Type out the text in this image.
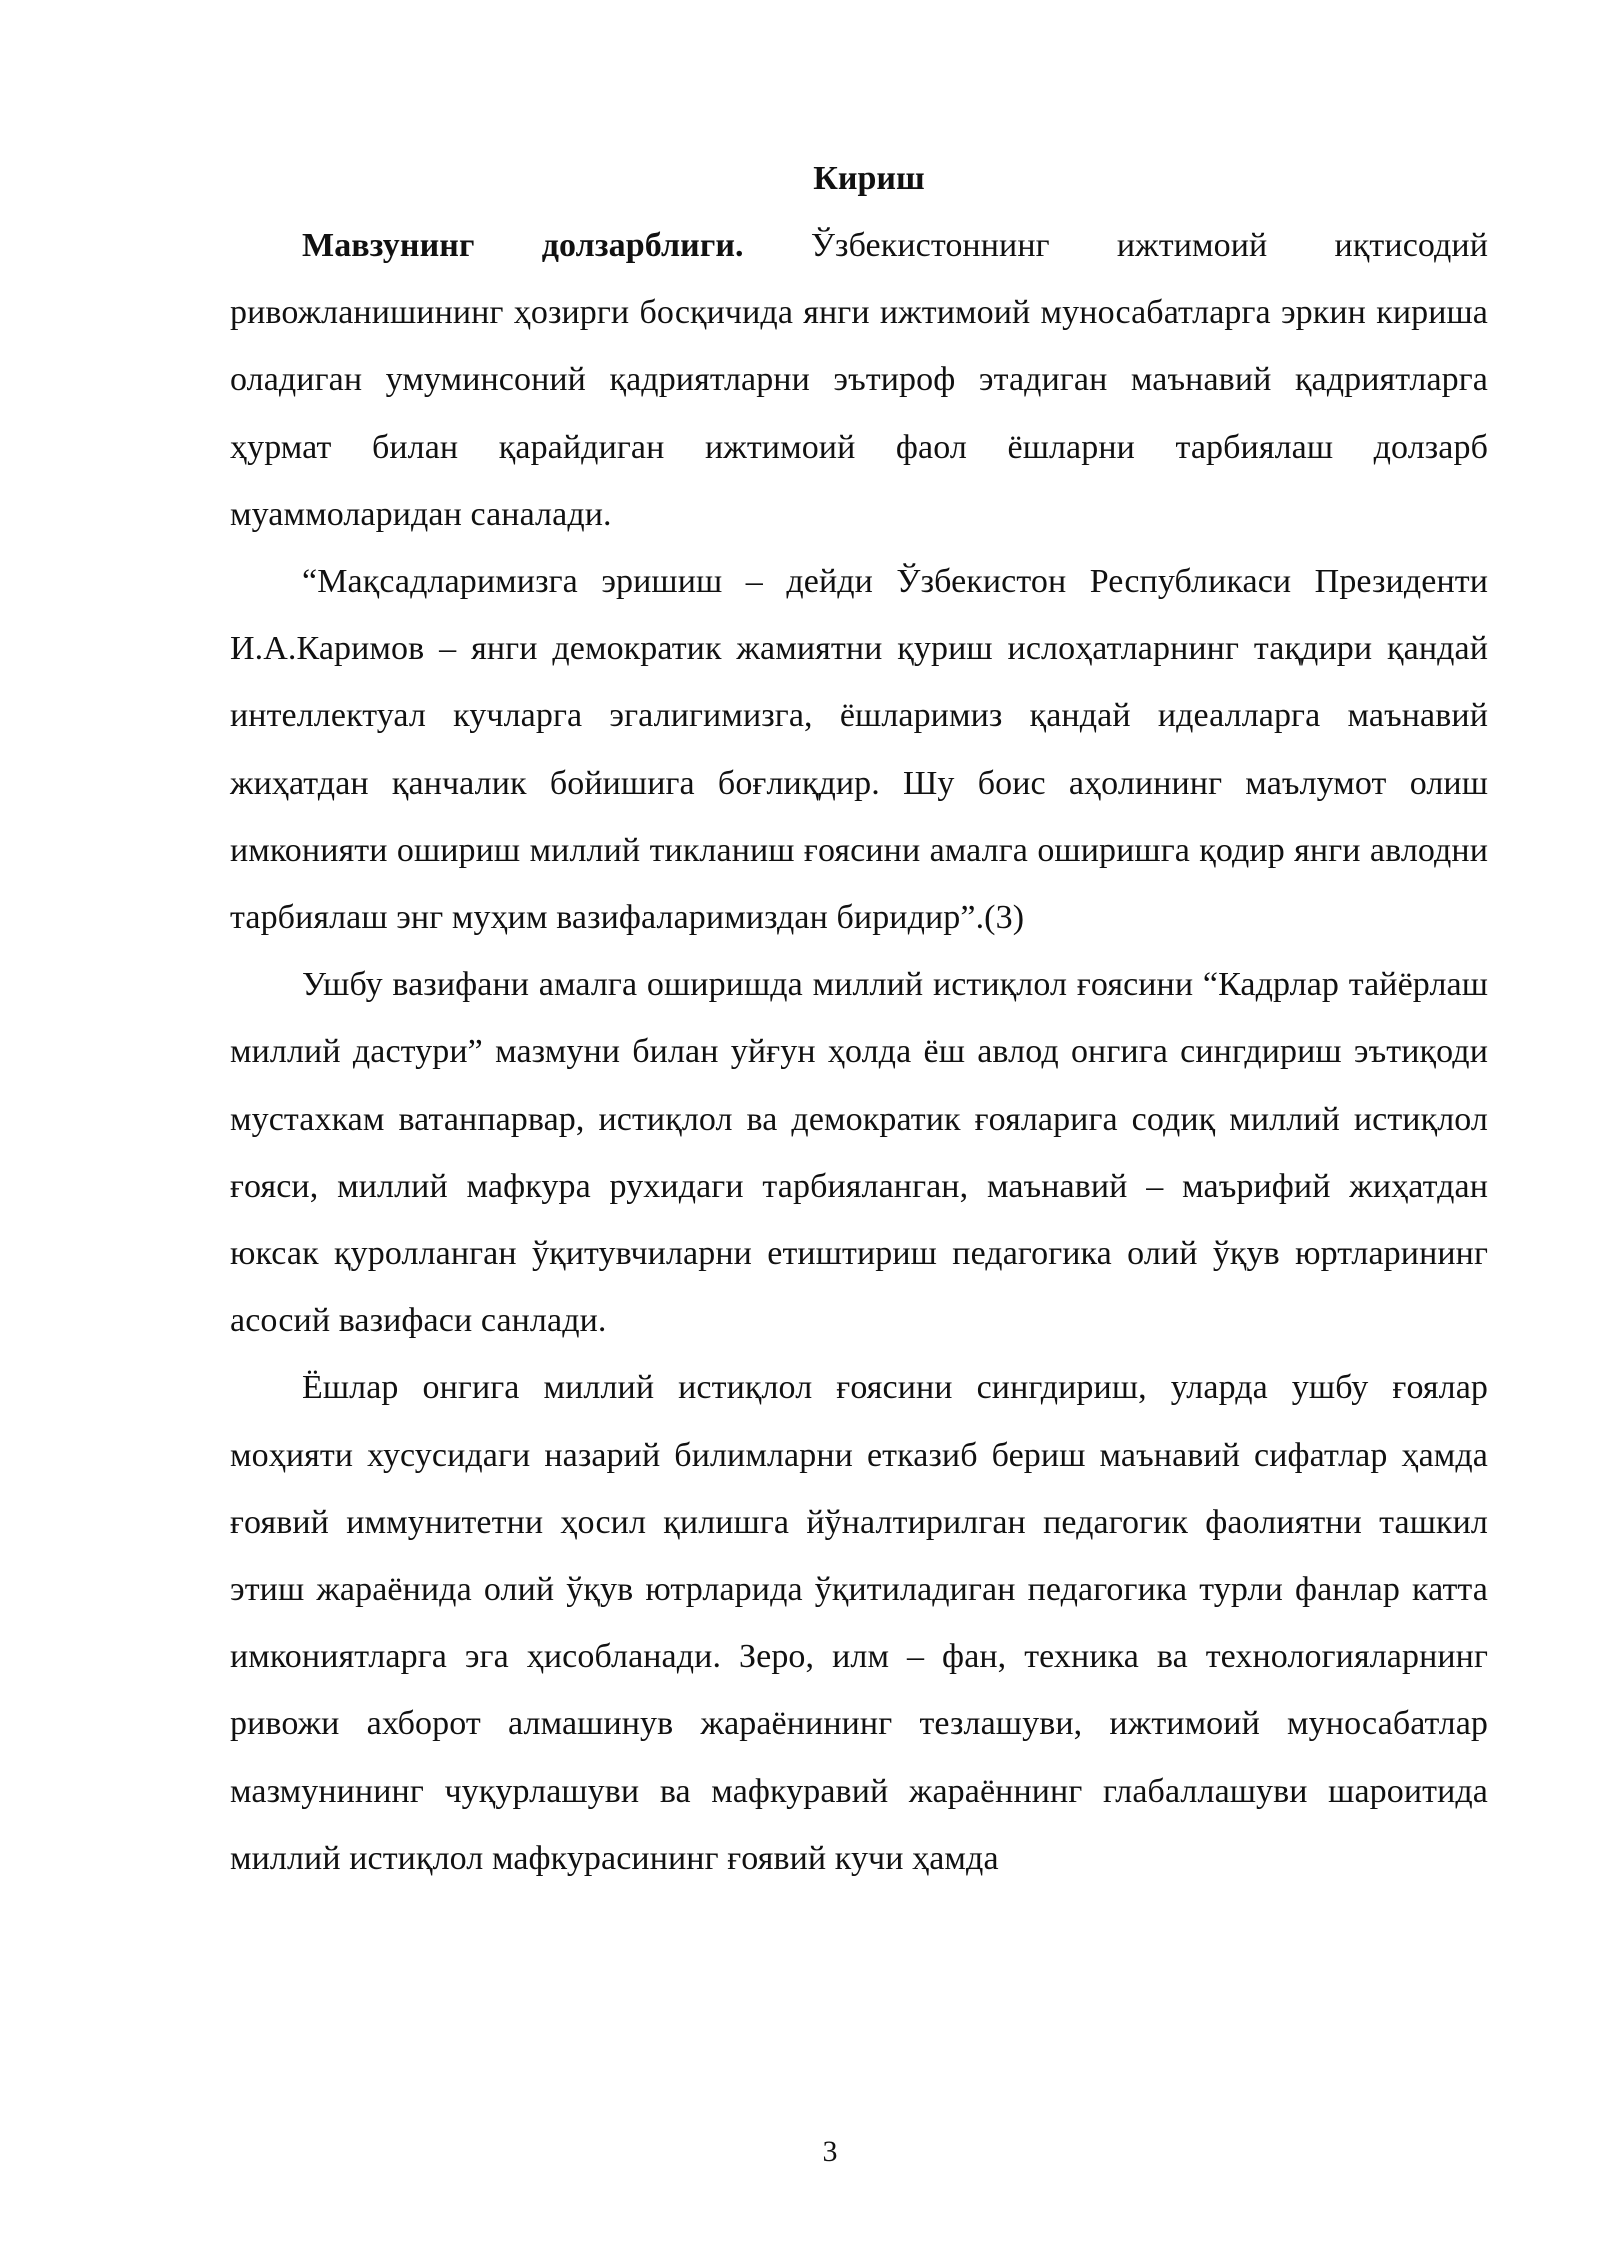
Кириш

Мавзунинг долзарблиги. Ўзбекистоннинг ижтимоий иқтисодий ривожланишининг ҳозирги босқичида янги ижтимоий муносабатларга эркин кириша оладиган умуминсоний қадриятларни эътироф этадиган маънавий қадриятларга ҳурмат билан қарайдиган ижтимоий фаол ёшларни тарбиялаш долзарб муаммоларидан саналади.

“Мақсадларимизга эришиш – дейди Ўзбекистон Республикаси Президенти И.А.Каримов – янги демократик жамиятни қуриш ислоҳатларнинг тақдири қандай интеллектуал кучларга эгалигимизга, ёшларимиз қандай идеалларга маънавий жиҳатдан қанчалик бойишига боғлиқдир. Шу боис аҳолининг маълумот олиш имконияти ошириш миллий тикланиш ғоясини амалга оширишга қодир янги авлодни тарбиялаш энг муҳим вазифаларимиздан биридир”.(3)

Ушбу вазифани амалга оширишда миллий истиқлол ғоясини “Кадрлар тайёрлаш миллий дастури” мазмуни билан уйғун ҳолда ёш авлод онгига сингдириш эътиқоди мустахкам ватанпарвар, истиқлол ва демократик ғояларига содиқ миллий истиқлол ғояси, миллий мафкура рухидаги тарбияланган, маънавий – маърифий жиҳатдан юксак қуролланган ўқитувчиларни етиштириш педагогика олий ўқув юртларининг асосий вазифаси санлади.

Ёшлар онгига миллий истиқлол ғоясини сингдириш, уларда ушбу ғоялар моҳияти хусусидаги назарий билимларни етказиб бериш маънавий сифатлар ҳамда ғоявий иммунитетни ҳосил қилишга йўналтирилган педагогик фаолиятни ташкил этиш жараёнида олий ўқув ютрларида ўқитиладиган педагогика турли фанлар катта имкониятларга эга ҳисобланади. Зеро, илм – фан, техника ва технологияларнинг ривожи ахборот алмашинув жараёнининг тезлашуви, ижтимоий муносабатлар мазмунининг чуқурлашуви ва мафкуравий жараённинг глабаллашуви шароитида миллий истиқлол мафкурасининг ғоявий кучи ҳамда

3
